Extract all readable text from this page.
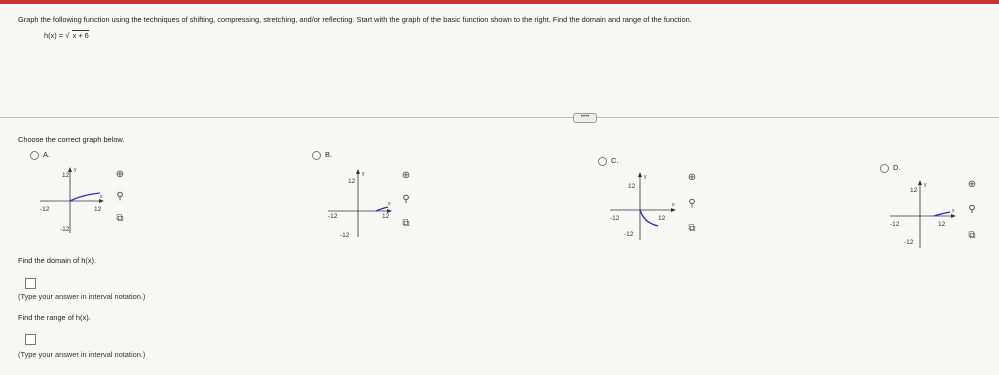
Graph the following function using the techniques of shifting, compressing, stretching, and/or reflecting. Start with the graph of the basic function shown to the right. Find the domain and range of the function.
h(x) = √ x + 6
••••
Choose the correct graph below.
A.
12
y
x
-12	12
-12
⊕
⚲
⧉
B.
12
y
x
-12	12
-12
⊕
⚲
⧉
C.
12
y
x
-12	12
-12
⊕
⚲
⧉
D.
12
y
x
-12	12
-12
⊕
⚲
⧉
Find the domain of h(x).
(Type your answer in interval notation.)
Find the range of h(x).
(Type your answer in interval notation.)
